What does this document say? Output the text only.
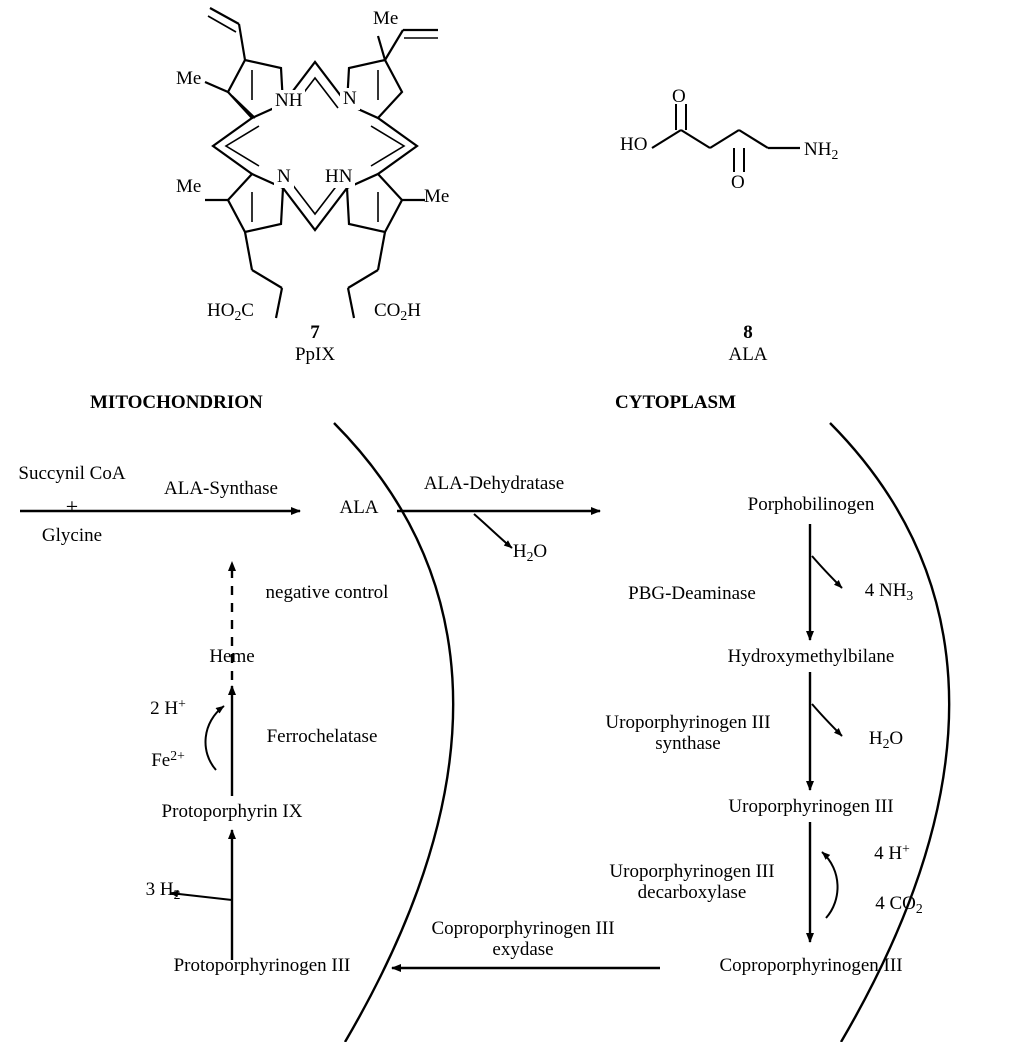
Me
Me
Me	Me
NH N
N HN
$HO_2C$	$CO_2H$
7
PpIX
O
HO
O
$NH_2$
8
ALA
MITOCHONDRION	CYTOPLASM
Succynil CoA
+
Glycine
ALA
ALA-Synthase	ALA-Dehydratase
$H_2O$
negative control
Heme
2 H+
$Fe^{2+}$
Ferrochelatase
Protoporphyrin IX
3 $H_2$
Protoporphyrinogen III
Coproporphyrinogen III exydase
Porphobilinogen
PBG-Deaminase	4 $NH_3$
Hydroxymethylbilane
Uroporphyrinogen III synthase	$H_2O$
Uroporphyrinogen III
Uroporphyrinogen III decarboxylase
4 H+
4 $CO_2$
Coproporphyrinogen III
